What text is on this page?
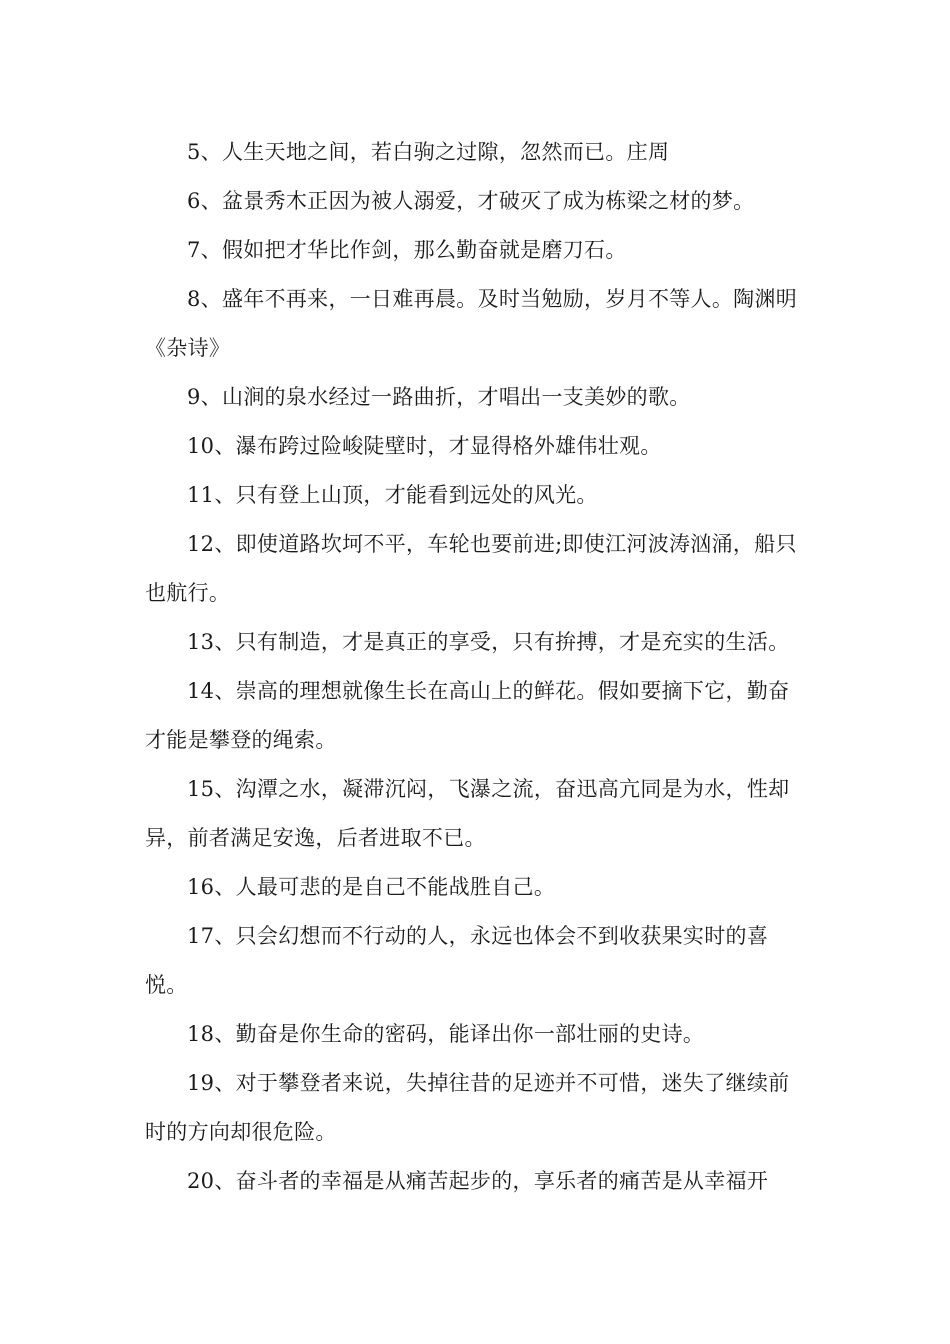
5、人生天地之间，若白驹之过隙，忽然而已。庄周

6、盆景秀木正因为被人溺爱，才破灭了成为栋梁之材的梦。

7、假如把才华比作剑，那么勤奋就是磨刀石。

8、盛年不再来，一日难再晨。及时当勉励，岁月不等人。陶渊明《杂诗》

9、山涧的泉水经过一路曲折，才唱出一支美妙的歌。

10、瀑布跨过险峻陡壁时，才显得格外雄伟壮观。

11、只有登上山顶，才能看到远处的风光。

12、即使道路坎坷不平，车轮也要前进;即使江河波涛汹涌，船只也航行。

13、只有制造，才是真正的享受，只有拚搏，才是充实的生活。

14、崇高的理想就像生长在高山上的鲜花。假如要摘下它，勤奋才能是攀登的绳索。

15、沟潭之水，凝滞沉闷，飞瀑之流，奋迅高亢同是为水，性却异，前者满足安逸，后者进取不已。

16、人最可悲的是自己不能战胜自己。

17、只会幻想而不行动的人，永远也体会不到收获果实时的喜悦。

18、勤奋是你生命的密码，能译出你一部壮丽的史诗。

19、对于攀登者来说，失掉往昔的足迹并不可惜，迷失了继续前时的方向却很危险。

20、奋斗者的幸福是从痛苦起步的，享乐者的痛苦是从幸福开
